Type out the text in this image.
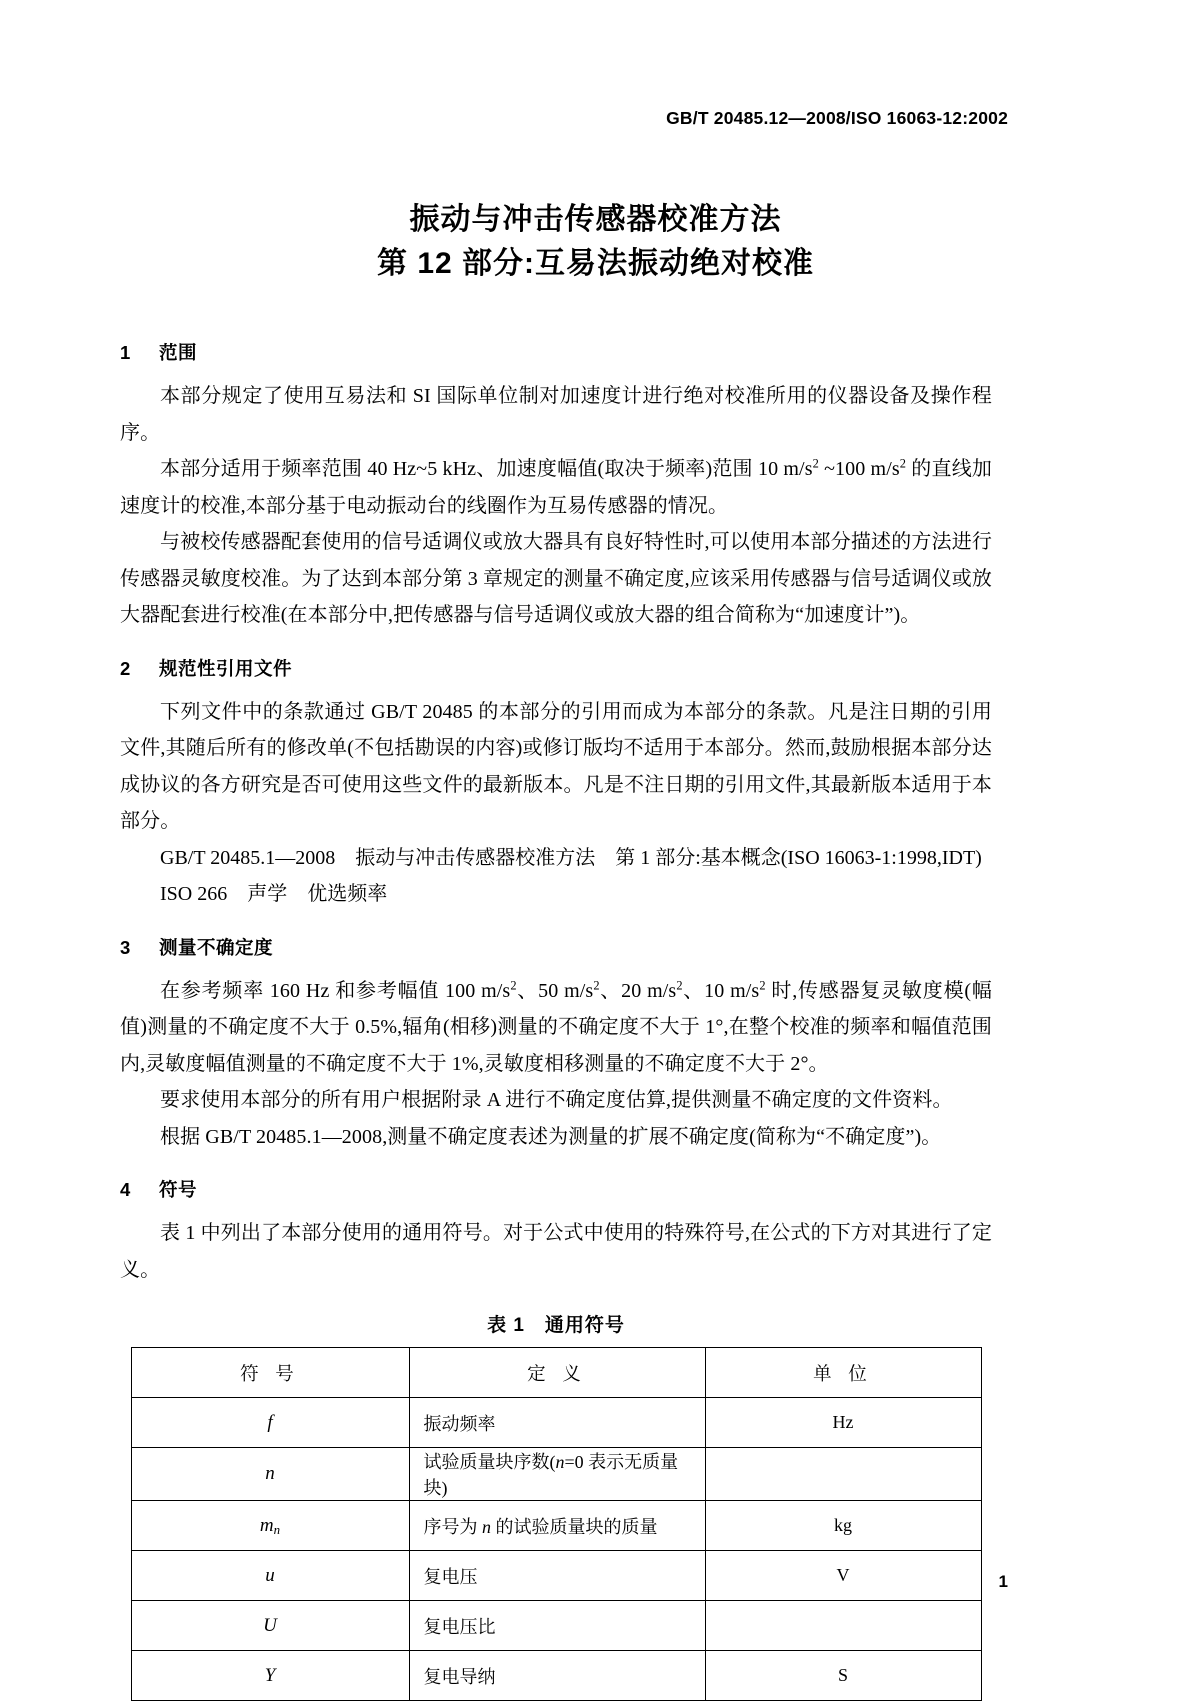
GB/T 20485.12—2008/ISO 16063-12:2002
振动与冲击传感器校准方法
第 12 部分:互易法振动绝对校准
1 范围

本部分规定了使用互易法和 SI 国际单位制对加速度计进行绝对校准所用的仪器设备及操作程序。

本部分适用于频率范围 40 Hz~5 kHz、加速度幅值(取决于频率)范围 10 $m/s^2$ ~100 $m/s^2$ 的直线加速度计的校准,本部分基于电动振动台的线圈作为互易传感器的情况。

与被校传感器配套使用的信号适调仪或放大器具有良好特性时,可以使用本部分描述的方法进行传感器灵敏度校准。为了达到本部分第 3 章规定的测量不确定度,应该采用传感器与信号适调仪或放大器配套进行校准(在本部分中,把传感器与信号适调仪或放大器的组合简称为“加速度计”)。

2 规范性引用文件

下列文件中的条款通过 GB/T 20485 的本部分的引用而成为本部分的条款。凡是注日期的引用文件,其随后所有的修改单(不包括勘误的内容)或修订版均不适用于本部分。然而,鼓励根据本部分达成协议的各方研究是否可使用这些文件的最新版本。凡是不注日期的引用文件,其最新版本适用于本部分。

GB/T 20485.1—2008　振动与冲击传感器校准方法　第 1 部分:基本概念(ISO 16063-1:1998,IDT)

ISO 266　声学　优选频率

3 测量不确定度

在参考频率 160 Hz 和参考幅值 100 $m/s^2$、50 $m/s^2$、20 $m/s^2$、10 $m/s^2$ 时,传感器复灵敏度模(幅值)测量的不确定度不大于 0.5%,辐角(相移)测量的不确定度不大于 1°,在整个校准的频率和幅值范围内,灵敏度幅值测量的不确定度不大于 1%,灵敏度相移测量的不确定度不大于 2°。

要求使用本部分的所有用户根据附录 A 进行不确定度估算,提供测量不确定度的文件资料。

根据 GB/T 20485.1—2008,测量不确定度表述为测量的扩展不确定度(简称为“不确定度”)。

4 符号

表 1 中列出了本部分使用的通用符号。对于公式中使用的特殊符号,在公式的下方对其进行了定义。

表 1　通用符号
符 号	定 义	单 位
f	振动频率	Hz
n	试验质量块序数(n=0 表示无质量块)	
$m_n$	序号为 n 的试验质量块的质量	kg
u	复电压	V
U	复电压比	
Y	复电导纳	S
1
